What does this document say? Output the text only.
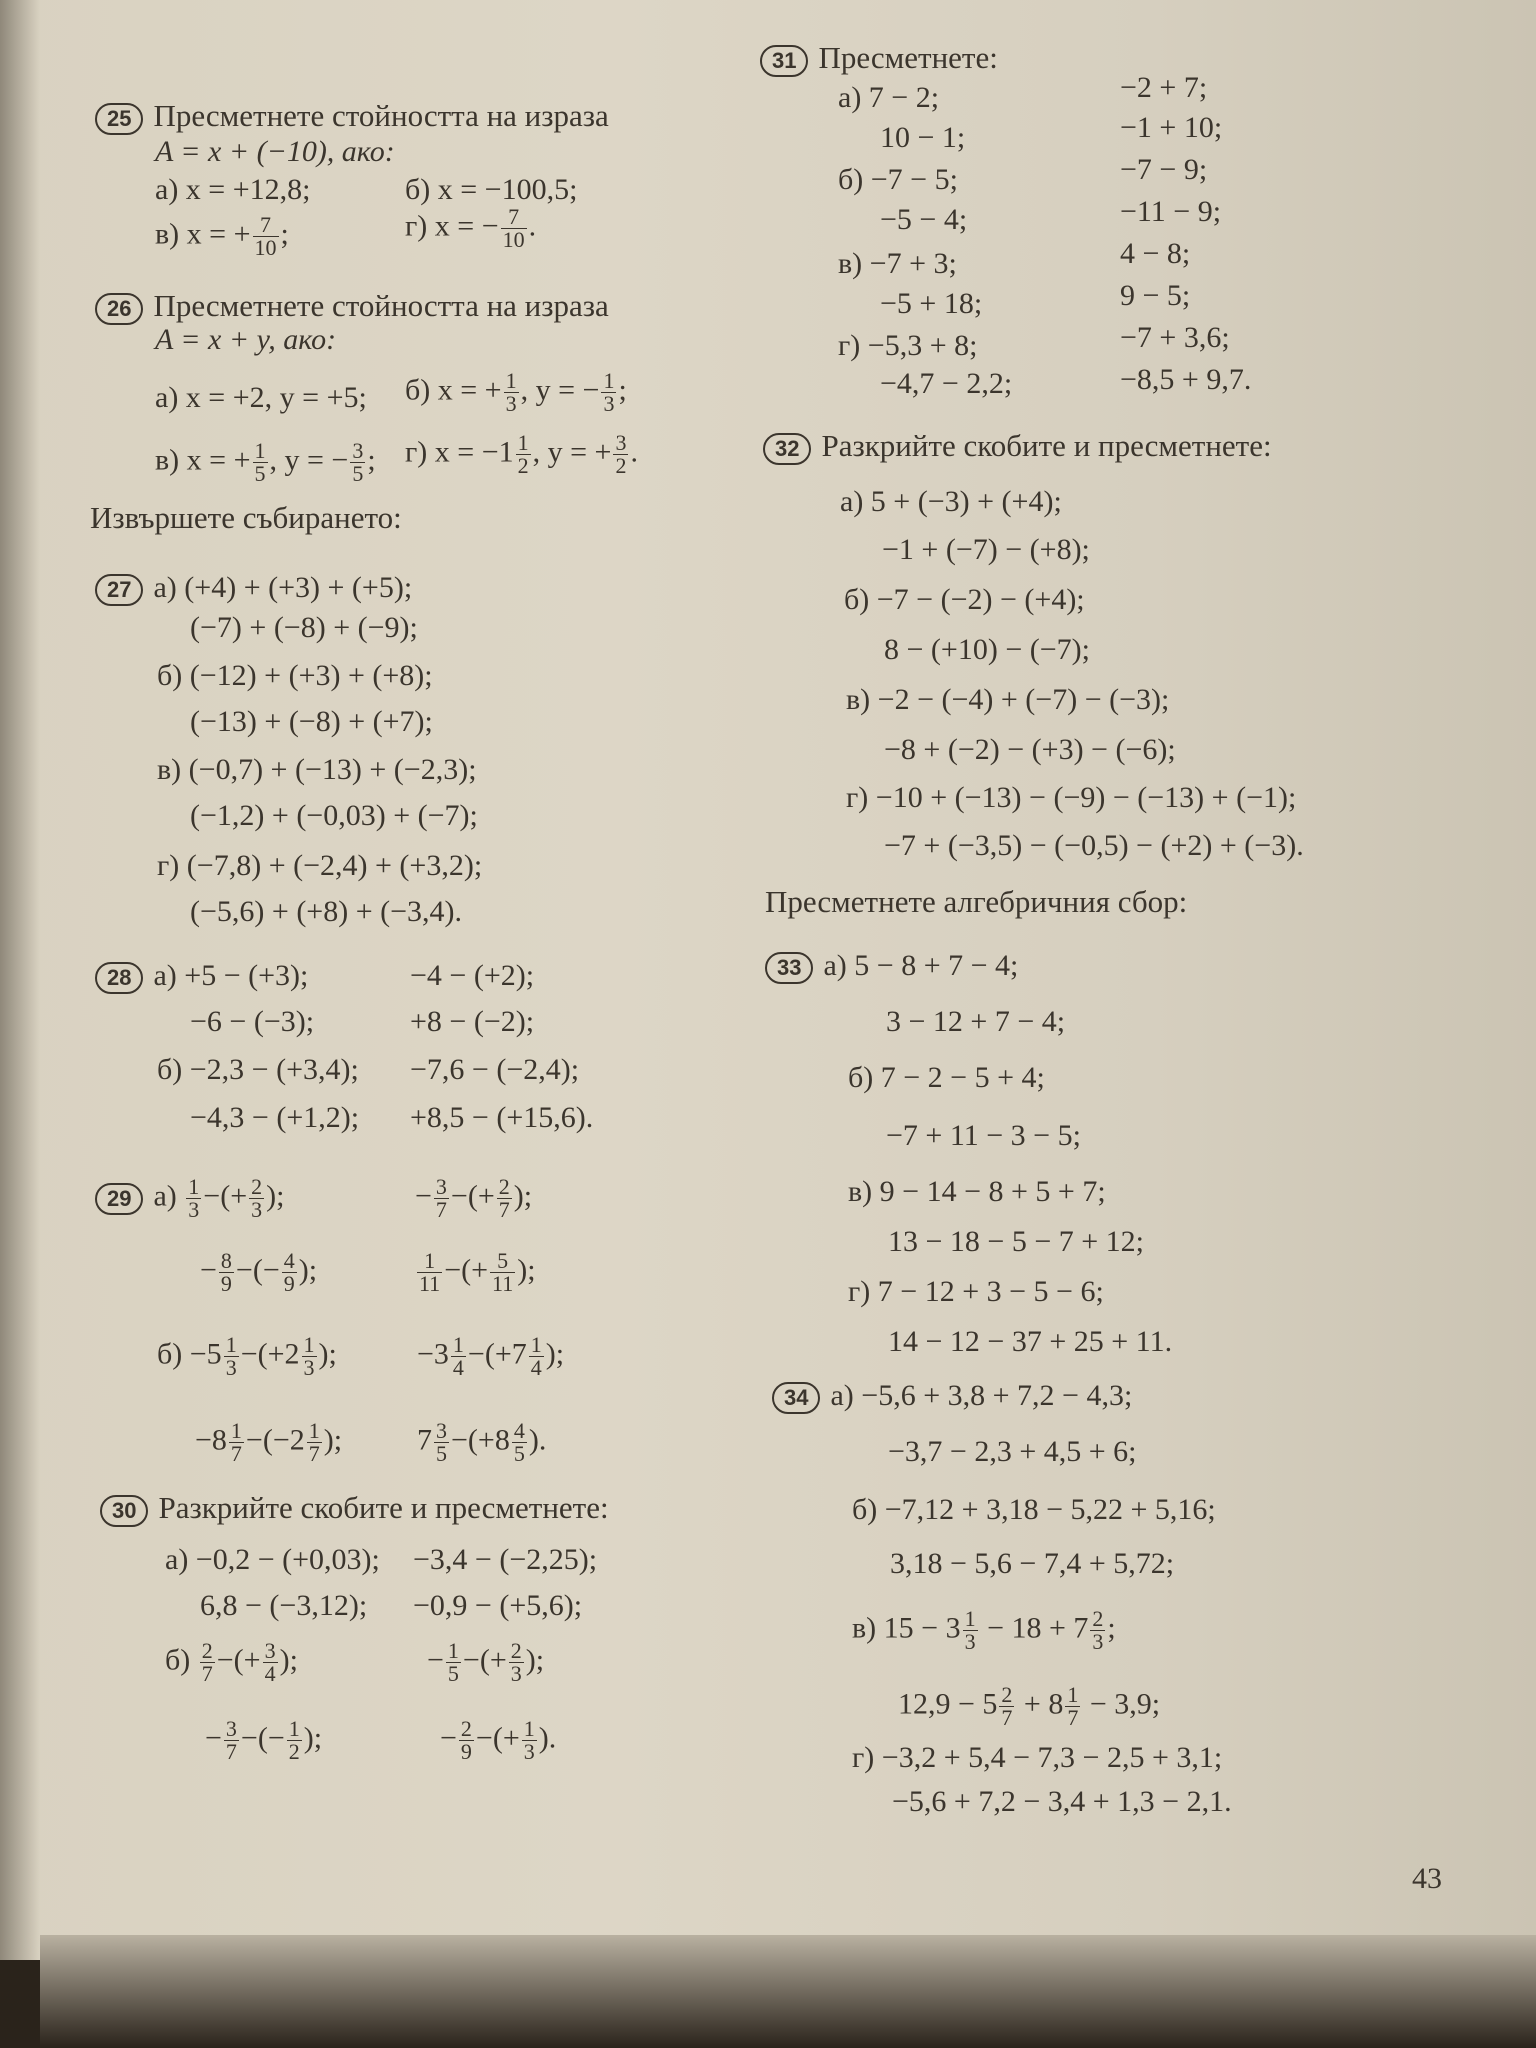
25 Пресметнете стойността на израза
A = x + (−10), ако:
а) x = +12,8;	б) x = −100,5;
в) x = + $\frac{7}{10}$ ;	г) x = − $\frac{7}{10}$ .
26 Пресметнете стойността на израза
A = x + y, ако:
а) x = +2, y = +5; б) x = + $\frac{1}{3}$ , y = − $\frac{1}{3}$ ;
в) x = + $\frac{1}{5}$ , y = − $\frac{3}{5}$ ; г) $x = -1 \frac{1}{2}$ , y = + $\frac{3}{2}$ .
Извършете събирането:
27 а) (+4) + (+3) + (+5);
(−7) + (−8) + (−9);
б) (−12) + (+3) + (+8);
(−13) + (−8) + (+7);
в) (−0,7) + (−13) + (−2,3);
(−1,2) + (−0,03) + (−7);
г) (−7,8) + (−2,4) + (+3,2);
(−5,6) + (+8) + (−3,4).
28 а) +5 − (+3);	−4 − (+2);
−6 − (−3);	+8 − (−2);
б) −2,3 − (+3,4); −7,6 − (−2,4);
−4,3 − (+1,2); +8,5 − (+15,6).
29 $а) \frac{1}{3}$ −(+ $\frac{2}{3}$ );	− $\frac{3}{7}$ −(+ $\frac{2}{7}$ );
− $\frac{8}{9}$ −(− $\frac{4}{9}$ );	$\frac{1}{11}$ −(+ $\frac{5}{11}$ );
$б) -5 \frac{1}{3} -(+2 \frac{1}{3}$ );	$-3 \frac{1}{4} -(+7 \frac{1}{4}$ );
$-8 \frac{1}{7} -(-2 \frac{1}{7}$ ); $7 \frac{3}{5} -(+8 \frac{4}{5}$ ).
30 Разкрийте скобите и пресметнете:
а) −0,2 − (+0,03); −3,4 − (−2,25);
6,8 − (−3,12); −0,9 − (+5,6);
$б) \frac{2}{7}$ −(+ $\frac{3}{4}$ );	− $\frac{1}{5}$ −(+ $\frac{2}{3}$ );
− $\frac{3}{7}$ −(− $\frac{1}{2}$ );	− $\frac{2}{9}$ −(+ $\frac{1}{3}$ ).
31 Пресметнете:
а) 7 − 2;	−2 + 7;
10 − 1;	−1 + 10;
б) −7 − 5;	−7 − 9;
−5 − 4;	−11 − 9;
в) −7 + 3;	4 − 8;
−5 + 18;	9 − 5;
г) −5,3 + 8;	−7 + 3,6;
−4,7 − 2,2;	−8,5 + 9,7.
32 Разкрийте скобите и пресметнете:
а) 5 + (−3) + (+4);
−1 + (−7) − (+8);
б) −7 − (−2) − (+4);
8 − (+10) − (−7);
в) −2 − (−4) + (−7) − (−3);
−8 + (−2) − (+3) − (−6);
г) −10 + (−13) − (−9) − (−13) + (−1);
−7 + (−3,5) − (−0,5) − (+2) + (−3).
Пресметнете алгебричния сбор:
33 а) 5 − 8 + 7 − 4;
3 − 12 + 7 − 4;
б) 7 − 2 − 5 + 4;
−7 + 11 − 3 − 5;
в) 9 − 14 − 8 + 5 + 7;
13 − 18 − 5 − 7 + 12;
г) 7 − 12 + 3 − 5 − 6;
14 − 12 − 37 + 25 + 11.
34 а) −5,6 + 3,8 + 7,2 − 4,3;
−3,7 − 2,3 + 4,5 + 6;
б) −7,12 + 3,18 − 5,22 + 5,16;
3,18 − 5,6 − 7,4 + 5,72;
в) $15 - 3 \frac{1}{3} - 18 + 7 \frac{2}{3}$ ;
$12,9 - 5 \frac{2}{7} + 8 \frac{1}{7} - 3,9$;
г) −3,2 + 5,4 − 7,3 − 2,5 + 3,1;
−5,6 + 7,2 − 3,4 + 1,3 − 2,1.
43
